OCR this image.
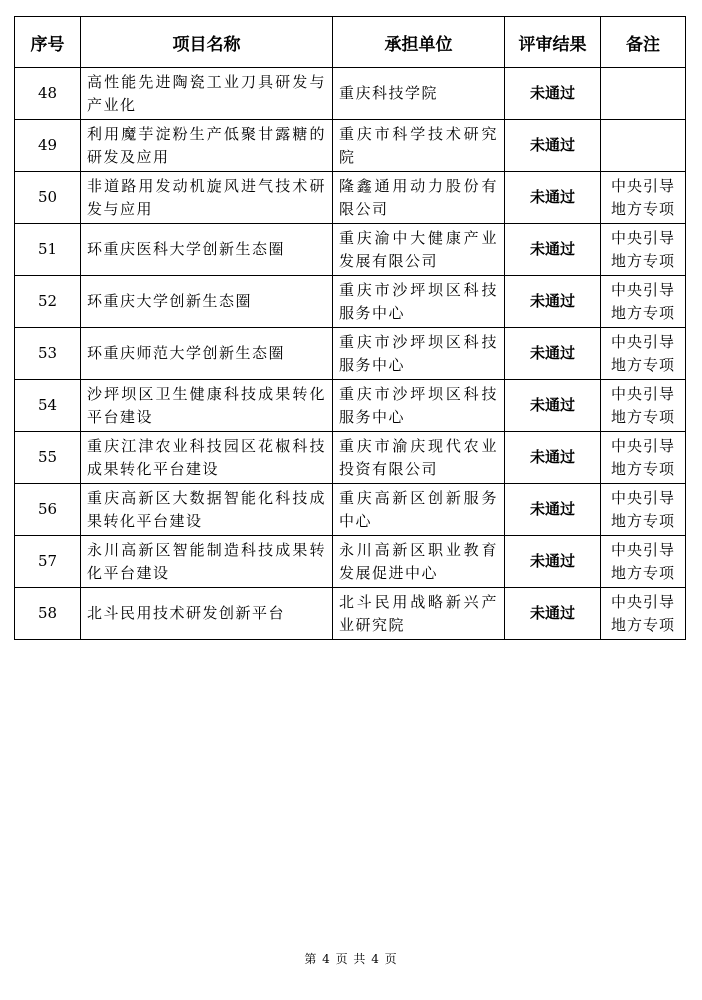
序号	项目名称	承担单位	评审结果	备注
48	高性能先进陶瓷工业刀具研发与产业化	重庆科技学院	未通过	
49	利用魔芋淀粉生产低聚甘露糖的研发及应用	重庆市科学技术研究院	未通过	
50	非道路用发动机旋风进气技术研发与应用	隆鑫通用动力股份有限公司	未通过	中央引导地方专项
51	环重庆医科大学创新生态圈	重庆渝中大健康产业发展有限公司	未通过	中央引导地方专项
52	环重庆大学创新生态圈	重庆市沙坪坝区科技服务中心	未通过	中央引导地方专项
53	环重庆师范大学创新生态圈	重庆市沙坪坝区科技服务中心	未通过	中央引导地方专项
54	沙坪坝区卫生健康科技成果转化平台建设	重庆市沙坪坝区科技服务中心	未通过	中央引导地方专项
55	重庆江津农业科技园区花椒科技成果转化平台建设	重庆市渝庆现代农业投资有限公司	未通过	中央引导地方专项
56	重庆高新区大数据智能化科技成果转化平台建设	重庆高新区创新服务中心	未通过	中央引导地方专项
57	永川高新区智能制造科技成果转化平台建设	永川高新区职业教育发展促进中心	未通过	中央引导地方专项
58	北斗民用技术研发创新平台	北斗民用战略新兴产业研究院	未通过	中央引导地方专项
第 4 页 共 4 页
